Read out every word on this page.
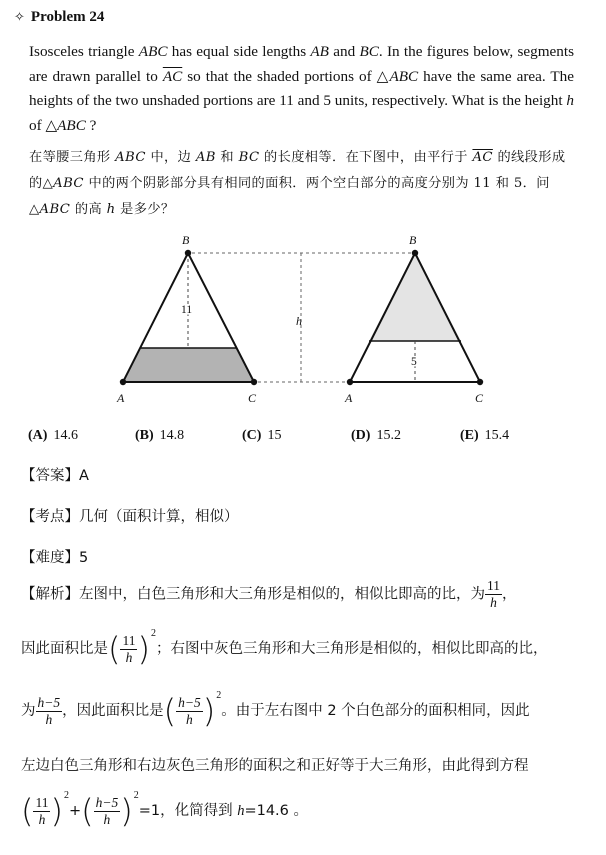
✧ Problem 24
Isosceles triangle ABC has equal side lengths AB and BC. In the figures below, segments are drawn parallel to $\overline{AC}$ so that the shaded portions of △ABC have the same area. The heights of the two unshaded portions are 11 and 5 units, respectively. What is the height h of △ABC ?
在等腰三角形 ABC 中，边 AB 和 BC 的长度相等．在下图中，由平行于 $\overline{AC}$ 的线段形成的△ABC 中的两个阴影部分具有相同的面积．两个空白部分的高度分别为 11 和 5．问△ABC 的高 h 是多少？
B
A	C
B
A	C
h
11
5
(A) 14.6	(B) 14.8	(C) 15	(D) 15.2	(E) 15.4
【答案】A
【考点】几何（面积计算，相似）
【难度】5
【解析】左图中，白色三角形和大三角形是相似的，相似比即高的比，为 $\frac{11}{h}$ ，
因此面积比是( $\frac{11}{h} )^2$；右图中灰色三角形和大三角形是相似的，相似比即高的比，
为 $\frac{h-5}{h}$ ，因此面积比是( $\frac{h-5}{h} )^2$。由于左右图中 2 个白色部分的面积相同，因此
左边白色三角形和右边灰色三角形的面积之和正好等于大三角形，由此得到方程
( $\frac{11}{h} )^2+( \frac{h-5}{h} )^2=1$，化简得到 h=14.6 。
